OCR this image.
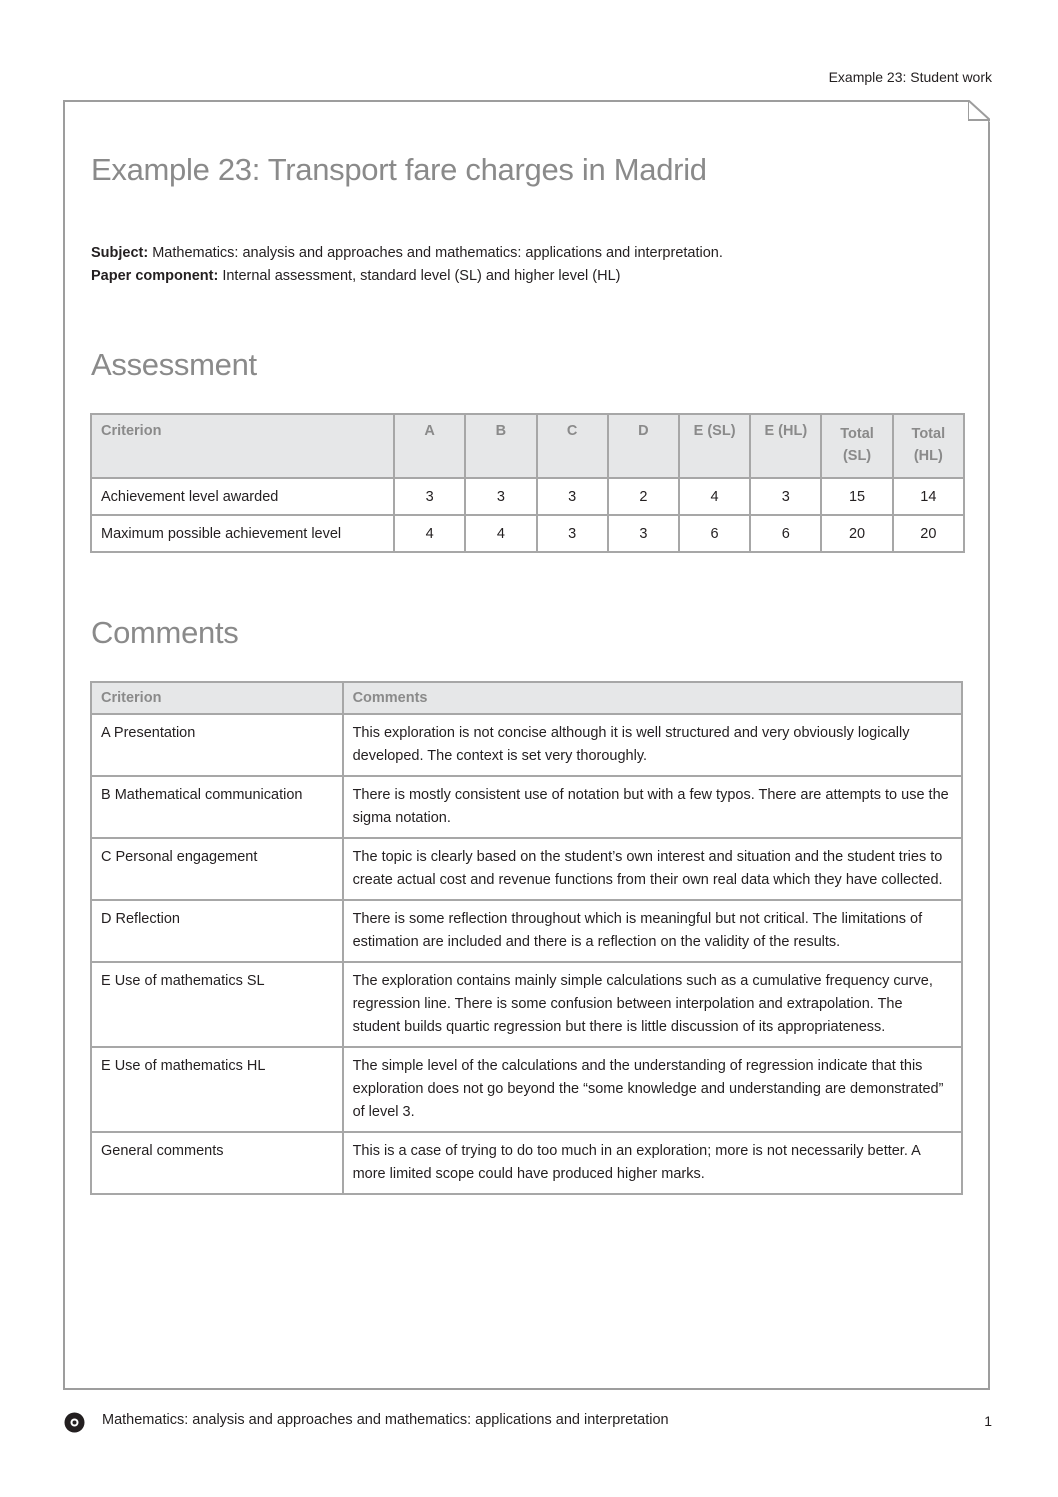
Example 23: Student work
Example 23: Transport fare charges in Madrid
Subject: Mathematics: analysis and approaches and mathematics: applications and interpretation.
Paper component: Internal assessment, standard level (SL) and higher level (HL)
Assessment
Criterion	A	B	C	D	E (SL)	E (HL)	Total (SL)	Total (HL)
Achievement level awarded	3	3	3	2	4	3	15	14
Maximum possible achievement level	4	4	3	3	6	6	20	20
Comments
Criterion	Comments
A Presentation	This exploration is not concise although it is well structured and very obviously logically developed. The context is set very thoroughly.
B Mathematical communication	There is mostly consistent use of notation but with a few typos. There are attempts to use the sigma notation.
C Personal engagement	The topic is clearly based on the student’s own interest and situation and the student tries to create actual cost and revenue functions from their own real data which they have collected.
D Reflection	There is some reflection throughout which is meaningful but not critical. The limitations of estimation are included and there is a reflection on the validity of the results.
E Use of mathematics SL	The exploration contains mainly simple calculations such as a cumulative frequency curve, regression line. There is some confusion between interpolation and extrapolation. The student builds quartic regression but there is little discussion of its appropriateness.
E Use of mathematics HL	The simple level of the calculations and the understanding of regression indicate that this exploration does not go beyond the “some knowledge and understanding are demonstrated” of level 3.
General comments	This is a case of trying to do too much in an exploration; more is not necessarily better. A more limited scope could have produced higher marks.
Mathematics: analysis and approaches and mathematics: applications and interpretation	1
